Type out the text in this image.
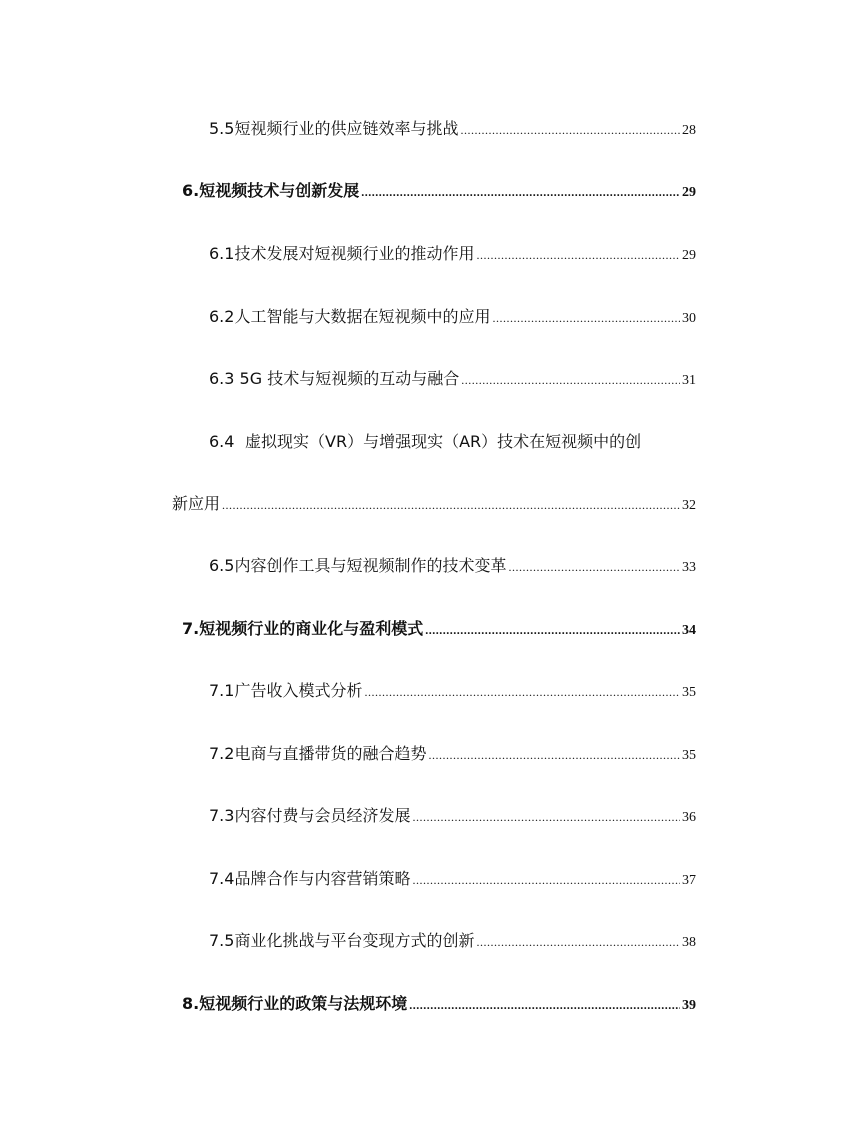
5.5 短视频行业的供应链效率与挑战 .....	28
6. 短视频技术与创新发展 .....	29
6.1 技术发展对短视频行业的推动作用 .....	29
6.2 人工智能与大数据在短视频中的应用 .....	30
6.3 5G 技术与短视频的互动与融合 .....	31
6.4 虚拟现实（VR）与增强现实（AR）技术在短视频中的创
新应用 .....	32
6.5 内容创作工具与短视频制作的技术变革 .....	33
7. 短视频行业的商业化与盈利模式 .....	34
7.1 广告收入模式分析 .....	35
7.2 电商与直播带货的融合趋势 .....	35
7.3 内容付费与会员经济发展 .....	36
7.4 品牌合作与内容营销策略 .....	37
7.5 商业化挑战与平台变现方式的创新 .....	38
8. 短视频行业的政策与法规环境 .....	39
